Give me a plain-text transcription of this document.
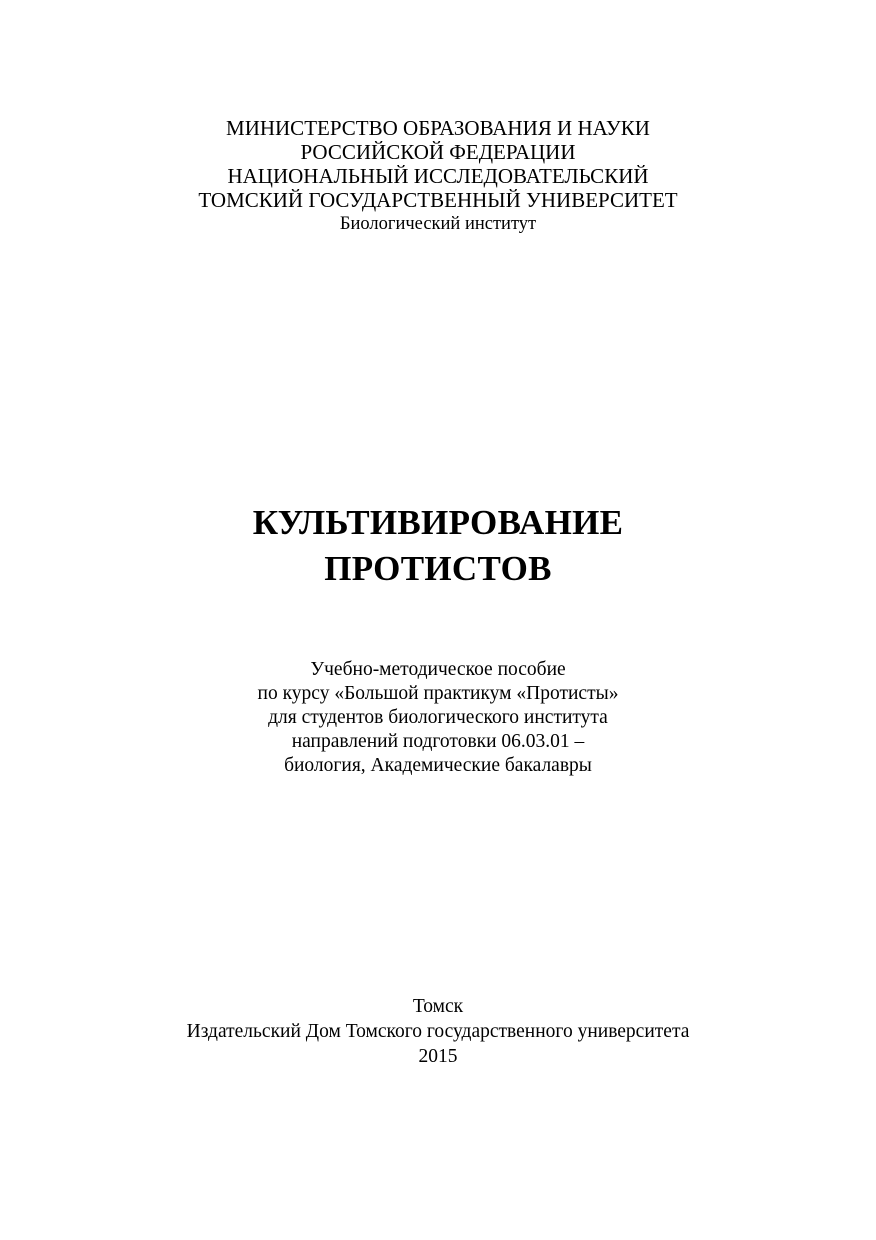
МИНИСТЕРСТВО ОБРАЗОВАНИЯ И НАУКИ
РОССИЙСКОЙ ФЕДЕРАЦИИ
НАЦИОНАЛЬНЫЙ ИССЛЕДОВАТЕЛЬСКИЙ
ТОМСКИЙ ГОСУДАРСТВЕННЫЙ УНИВЕРСИТЕТ
Биологический институт
КУЛЬТИВИРОВАНИЕ
ПРОТИСТОВ
Учебно-методическое пособие
по курсу «Большой практикум «Протисты»
для студентов биологического института
направлений подготовки 06.03.01 –
биология, Академические бакалавры
Томск
Издательский Дом Томского государственного университета
2015
